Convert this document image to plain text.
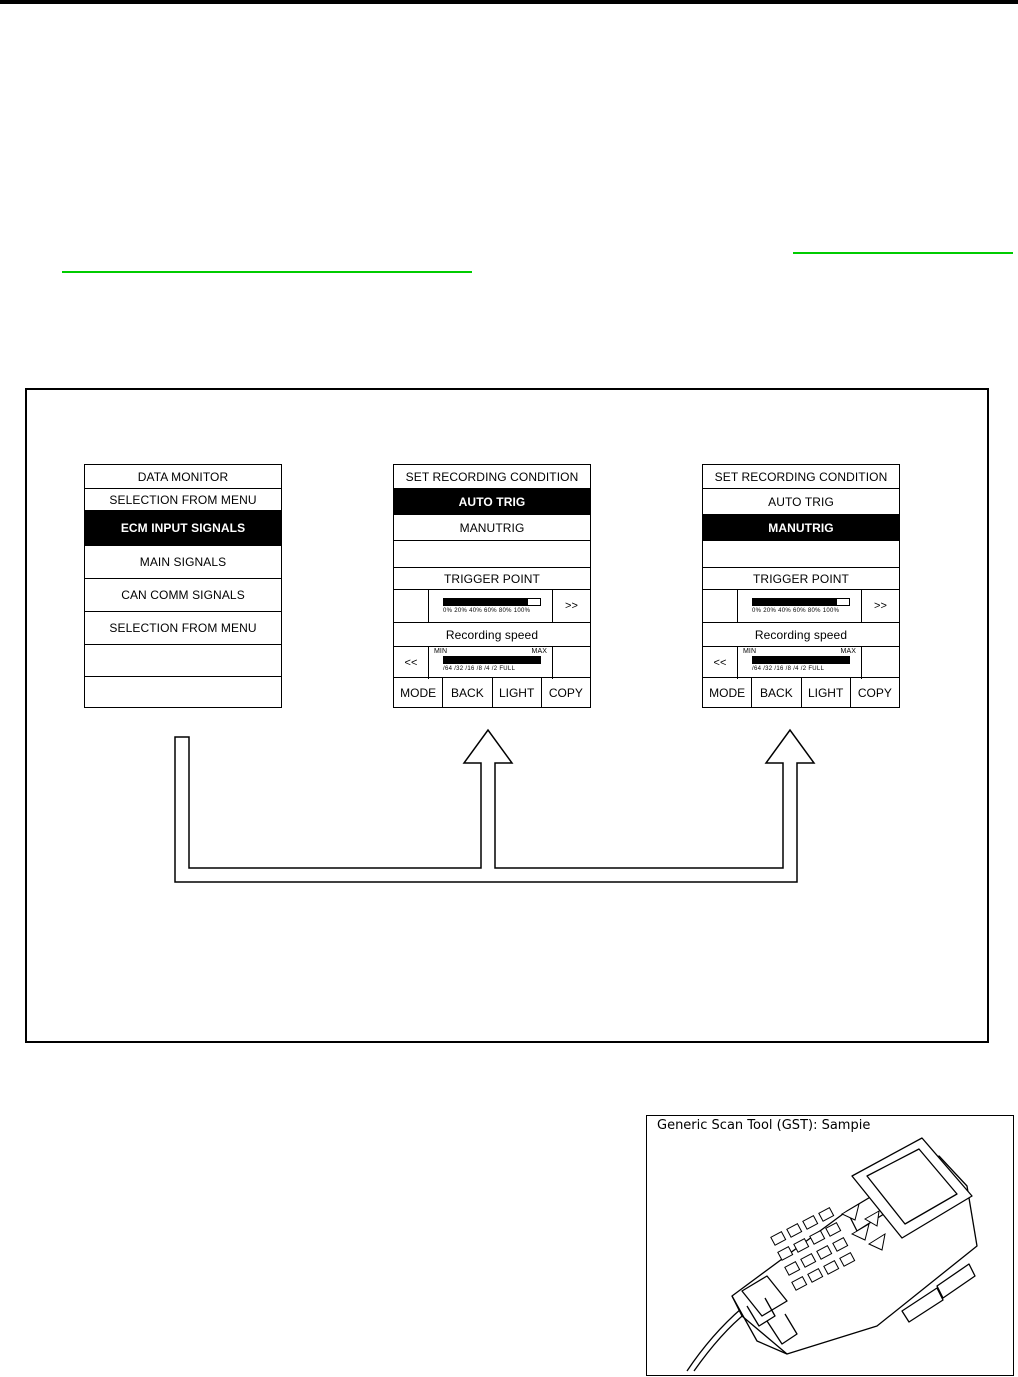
DATA MONITOR
SELECTION FROM MENU
ECM INPUT SIGNALS
MAIN SIGNALS
CAN COMM SIGNALS
SELECTION FROM MENU
SET RECORDING CONDITION
AUTO TRIG
MANUTRIG
TRIGGER POINT
0% 20% 40% 60% 80% 100%	>>
Recording speed
<<
MIN	MAX
/64 /32 /16 /8 /4 /2 FULL
MODE	BACK	LIGHT	COPY
SET RECORDING CONDITION
AUTO TRIG
MANUTRIG
TRIGGER POINT
0% 20% 40% 60% 80% 100%	>>
Recording speed
<<
MIN	MAX
/64 /32 /16 /8 /4 /2 FULL
MODE	BACK	LIGHT	COPY
Generic Scan Tool (GST): Sampie
